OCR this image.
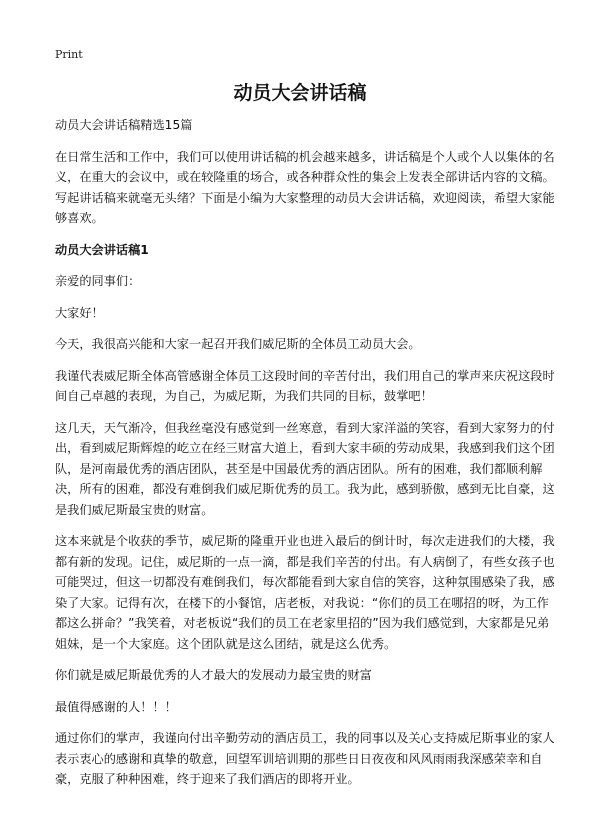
Print
动员大会讲话稿

动员大会讲话稿精选15篇

在日常生活和工作中，我们可以使用讲话稿的机会越来越多，讲话稿是个人或个人以集体的名义，在重大的会议中，或在较隆重的场合，或各种群众性的集会上发表全部讲话内容的文稿。写起讲话稿来就毫无头绪？下面是小编为大家整理的动员大会讲话稿，欢迎阅读，希望大家能够喜欢。

动员大会讲话稿1

亲爱的同事们：

大家好！

今天，我很高兴能和大家一起召开我们威尼斯的全体员工动员大会。

我谨代表威尼斯全体高管感谢全体员工这段时间的辛苦付出，我们用自己的掌声来庆祝这段时间自己卓越的表现，为自己，为威尼斯，为我们共同的目标，鼓掌吧！

这几天，天气渐冷，但我丝毫没有感觉到一丝寒意，看到大家洋溢的笑容，看到大家努力的付出，看到威尼斯辉煌的屹立在经三财富大道上，看到大家丰硕的劳动成果，我感到我们这个团队，是河南最优秀的酒店团队，甚至是中国最优秀的酒店团队。所有的困难，我们都顺利解决，所有的困难，都没有难倒我们威尼斯优秀的员工。我为此，感到骄傲，感到无比自豪，这是我们威尼斯最宝贵的财富。

这本来就是个收获的季节，威尼斯的隆重开业也进入最后的倒计时，每次走进我们的大楼，我都有新的发现。记住，威尼斯的一点一滴，都是我们辛苦的付出。有人病倒了，有些女孩子也可能哭过，但这一切都没有难倒我们，每次都能看到大家自信的笑容，这种氛围感染了我，感染了大家。记得有次，在楼下的小餐馆，店老板，对我说：“你们的员工在哪招的呀，为工作都这么拼命？”我笑着，对老板说“我们的员工在老家里招的”因为我们感觉到，大家都是兄弟姐妹，是一个大家庭。这个团队就是这么团结，就是这么优秀。

你们就是威尼斯最优秀的人才最大的发展动力最宝贵的财富

最值得感谢的人！！！

通过你们的掌声，我谨向付出辛勤劳动的酒店员工，我的同事以及关心支持威尼斯事业的家人表示衷心的感谢和真挚的敬意，回望军训培训期的那些日日夜夜和风风雨雨我深感荣幸和自豪，克服了种种困难，终于迎来了我们酒店的即将开业。
